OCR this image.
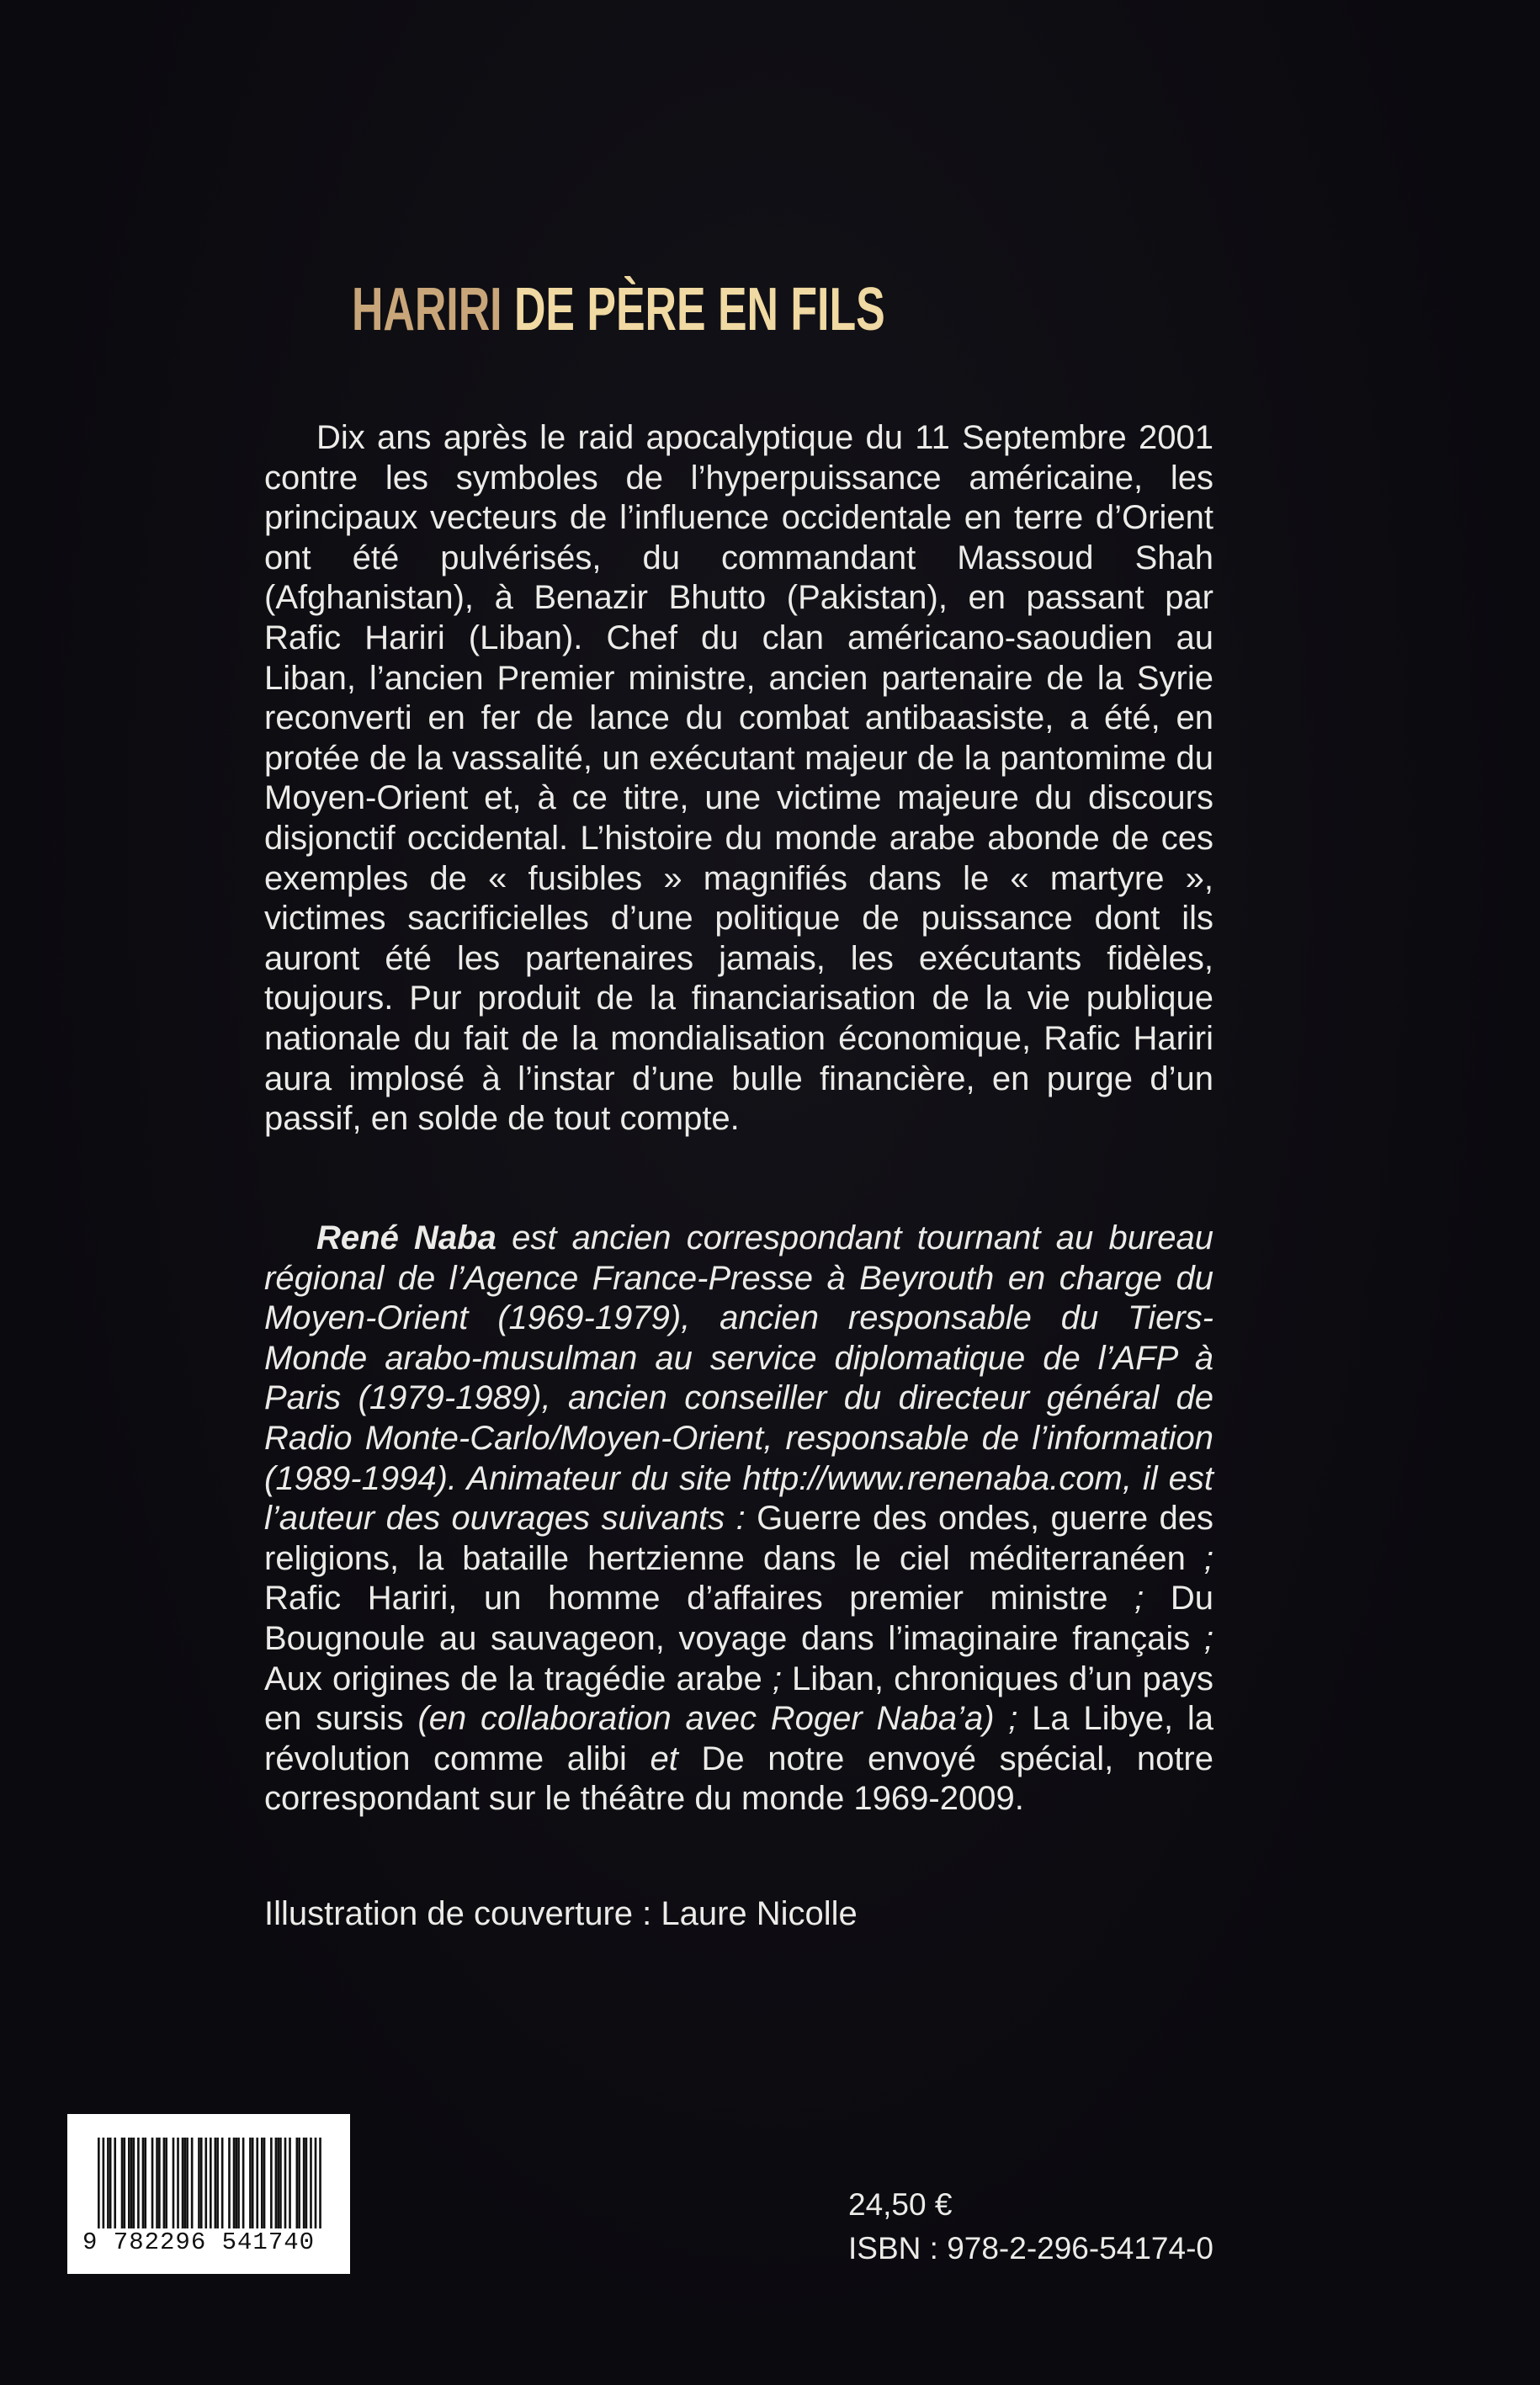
HARIRI DE PÈRE EN FILS
Dix ans après le raid apocalyptique du 11 Septembre 2001 contre les symboles de l’hyperpuissance américaine, les principaux vecteurs de l’influence occidentale en terre d’Orient ont été pulvérisés, du commandant Massoud Shah (Afghanistan), à Benazir Bhutto (Pakistan), en passant par Rafic Hariri (Liban). Chef du clan américano-saoudien au Liban, l’ancien Premier ministre, ancien partenaire de la Syrie reconverti en fer de lance du combat antibaasiste, a été, en protée de la vassalité, un exécutant majeur de la pantomime du Moyen-Orient et, à ce titre, une victime majeure du discours disjonctif occidental. L’histoire du monde arabe abonde de ces exemples de « fusibles » magnifiés dans le « martyre », victimes sacrificielles d’une politique de puissance dont ils auront été les partenaires jamais, les exécutants fidèles, toujours. Pur produit de la financiarisation de la vie publique nationale du fait de la mondialisation économique, Rafic Hariri aura implosé à l’instar d’une bulle financière, en purge d’un passif, en solde de tout compte.
René Naba est ancien correspondant tournant au bureau régional de l’Agence France-Presse à Beyrouth en charge du Moyen-Orient (1969-1979), ancien responsable du Tiers-Monde arabo-musulman au service diplomatique de l’AFP à Paris (1979-1989), ancien conseiller du directeur général de Radio Monte-Carlo/Moyen-Orient, responsable de l’information (1989-1994). Animateur du site http://www.renenaba.com, il est l’auteur des ouvrages suivants : Guerre des ondes, guerre des religions, la bataille hertzienne dans le ciel méditerranéen ; Rafic Hariri, un homme d’affaires premier ministre ; Du Bougnoule au sauvageon, voyage dans l’imaginaire français ; Aux origines de la tragédie arabe ; Liban, chroniques d’un pays en sursis (en collaboration avec Roger Naba’a) ; La Libye, la révolution comme alibi et De notre envoyé spécial, notre correspondant sur le théâtre du monde 1969-2009.
Illustration de couverture : Laure Nicolle
9 782296 541740
24,50 €
ISBN : 978-2-296-54174-0
